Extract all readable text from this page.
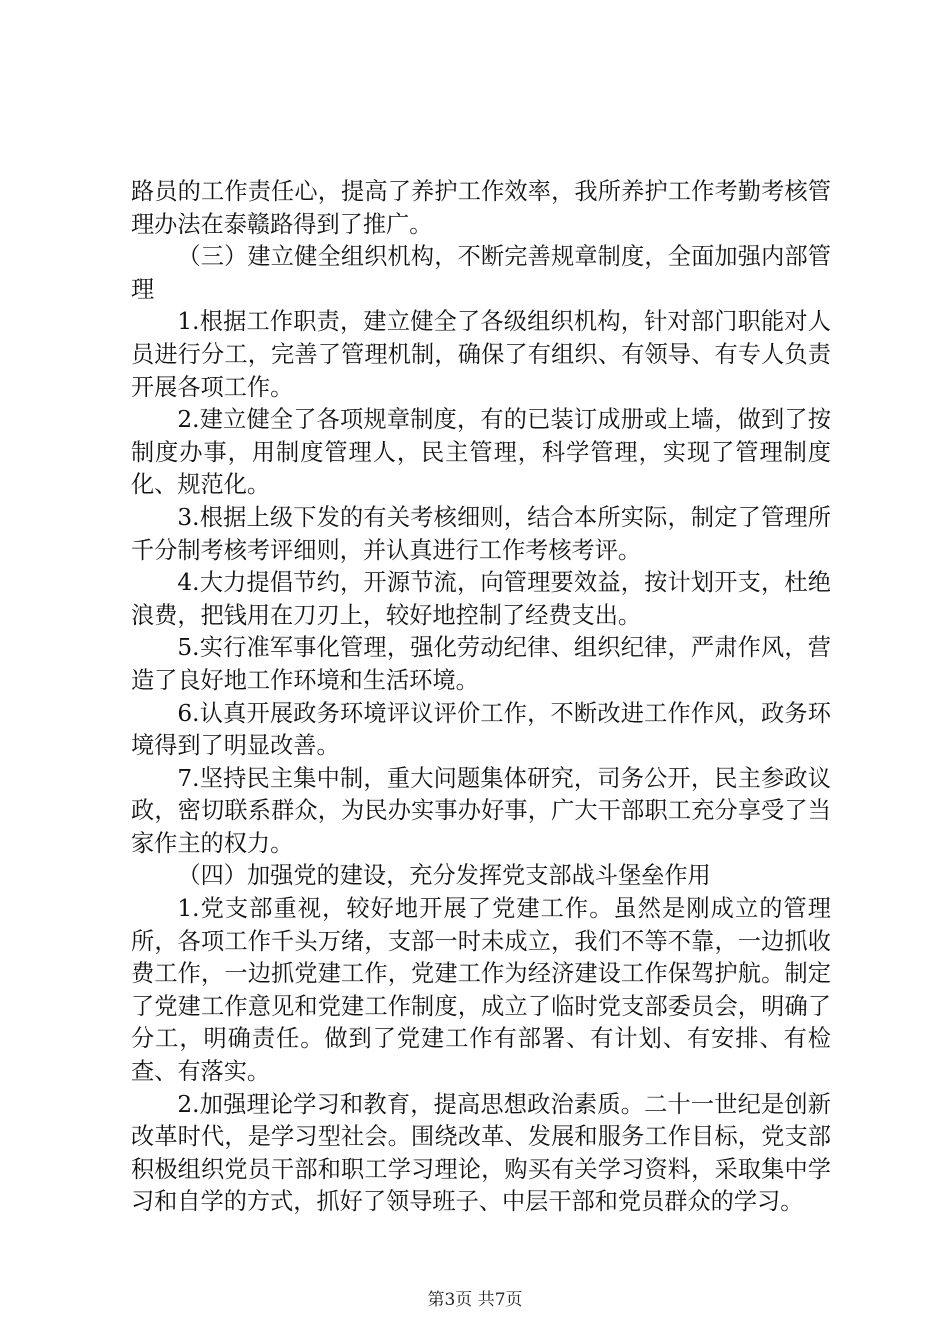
路员的工作责任心，提高了养护工作效率，我所养护工作考勤考核管理办法在泰赣路得到了推广。

（三）建立健全组织机构，不断完善规章制度，全面加强内部管理

1.根据工作职责，建立健全了各级组织机构，针对部门职能对人员进行分工，完善了管理机制，确保了有组织、有领导、有专人负责开展各项工作。

2.建立健全了各项规章制度，有的已装订成册或上墙，做到了按制度办事，用制度管理人，民主管理，科学管理，实现了管理制度化、规范化。

3.根据上级下发的有关考核细则，结合本所实际，制定了管理所千分制考核考评细则，并认真进行工作考核考评。

4.大力提倡节约，开源节流，向管理要效益，按计划开支，杜绝浪费，把钱用在刀刃上，较好地控制了经费支出。

5.实行准军事化管理，强化劳动纪律、组织纪律，严肃作风，营造了良好地工作环境和生活环境。

6.认真开展政务环境评议评价工作，不断改进工作作风，政务环境得到了明显改善。

7.坚持民主集中制，重大问题集体研究，司务公开，民主参政议政，密切联系群众，为民办实事办好事，广大干部职工充分享受了当家作主的权力。

（四）加强党的建设，充分发挥党支部战斗堡垒作用

1.党支部重视，较好地开展了党建工作。虽然是刚成立的管理所，各项工作千头万绪，支部一时未成立，我们不等不靠，一边抓收费工作，一边抓党建工作，党建工作为经济建设工作保驾护航。制定了党建工作意见和党建工作制度，成立了临时党支部委员会，明确了分工，明确责任。做到了党建工作有部署、有计划、有安排、有检查、有落实。

2.加强理论学习和教育，提高思想政治素质。二十一世纪是创新改革时代，是学习型社会。围绕改革、发展和服务工作目标，党支部积极组织党员干部和职工学习理论，购买有关学习资料，采取集中学习和自学的方式，抓好了领导班子、中层干部和党员群众的学习。

第3页 共7页
